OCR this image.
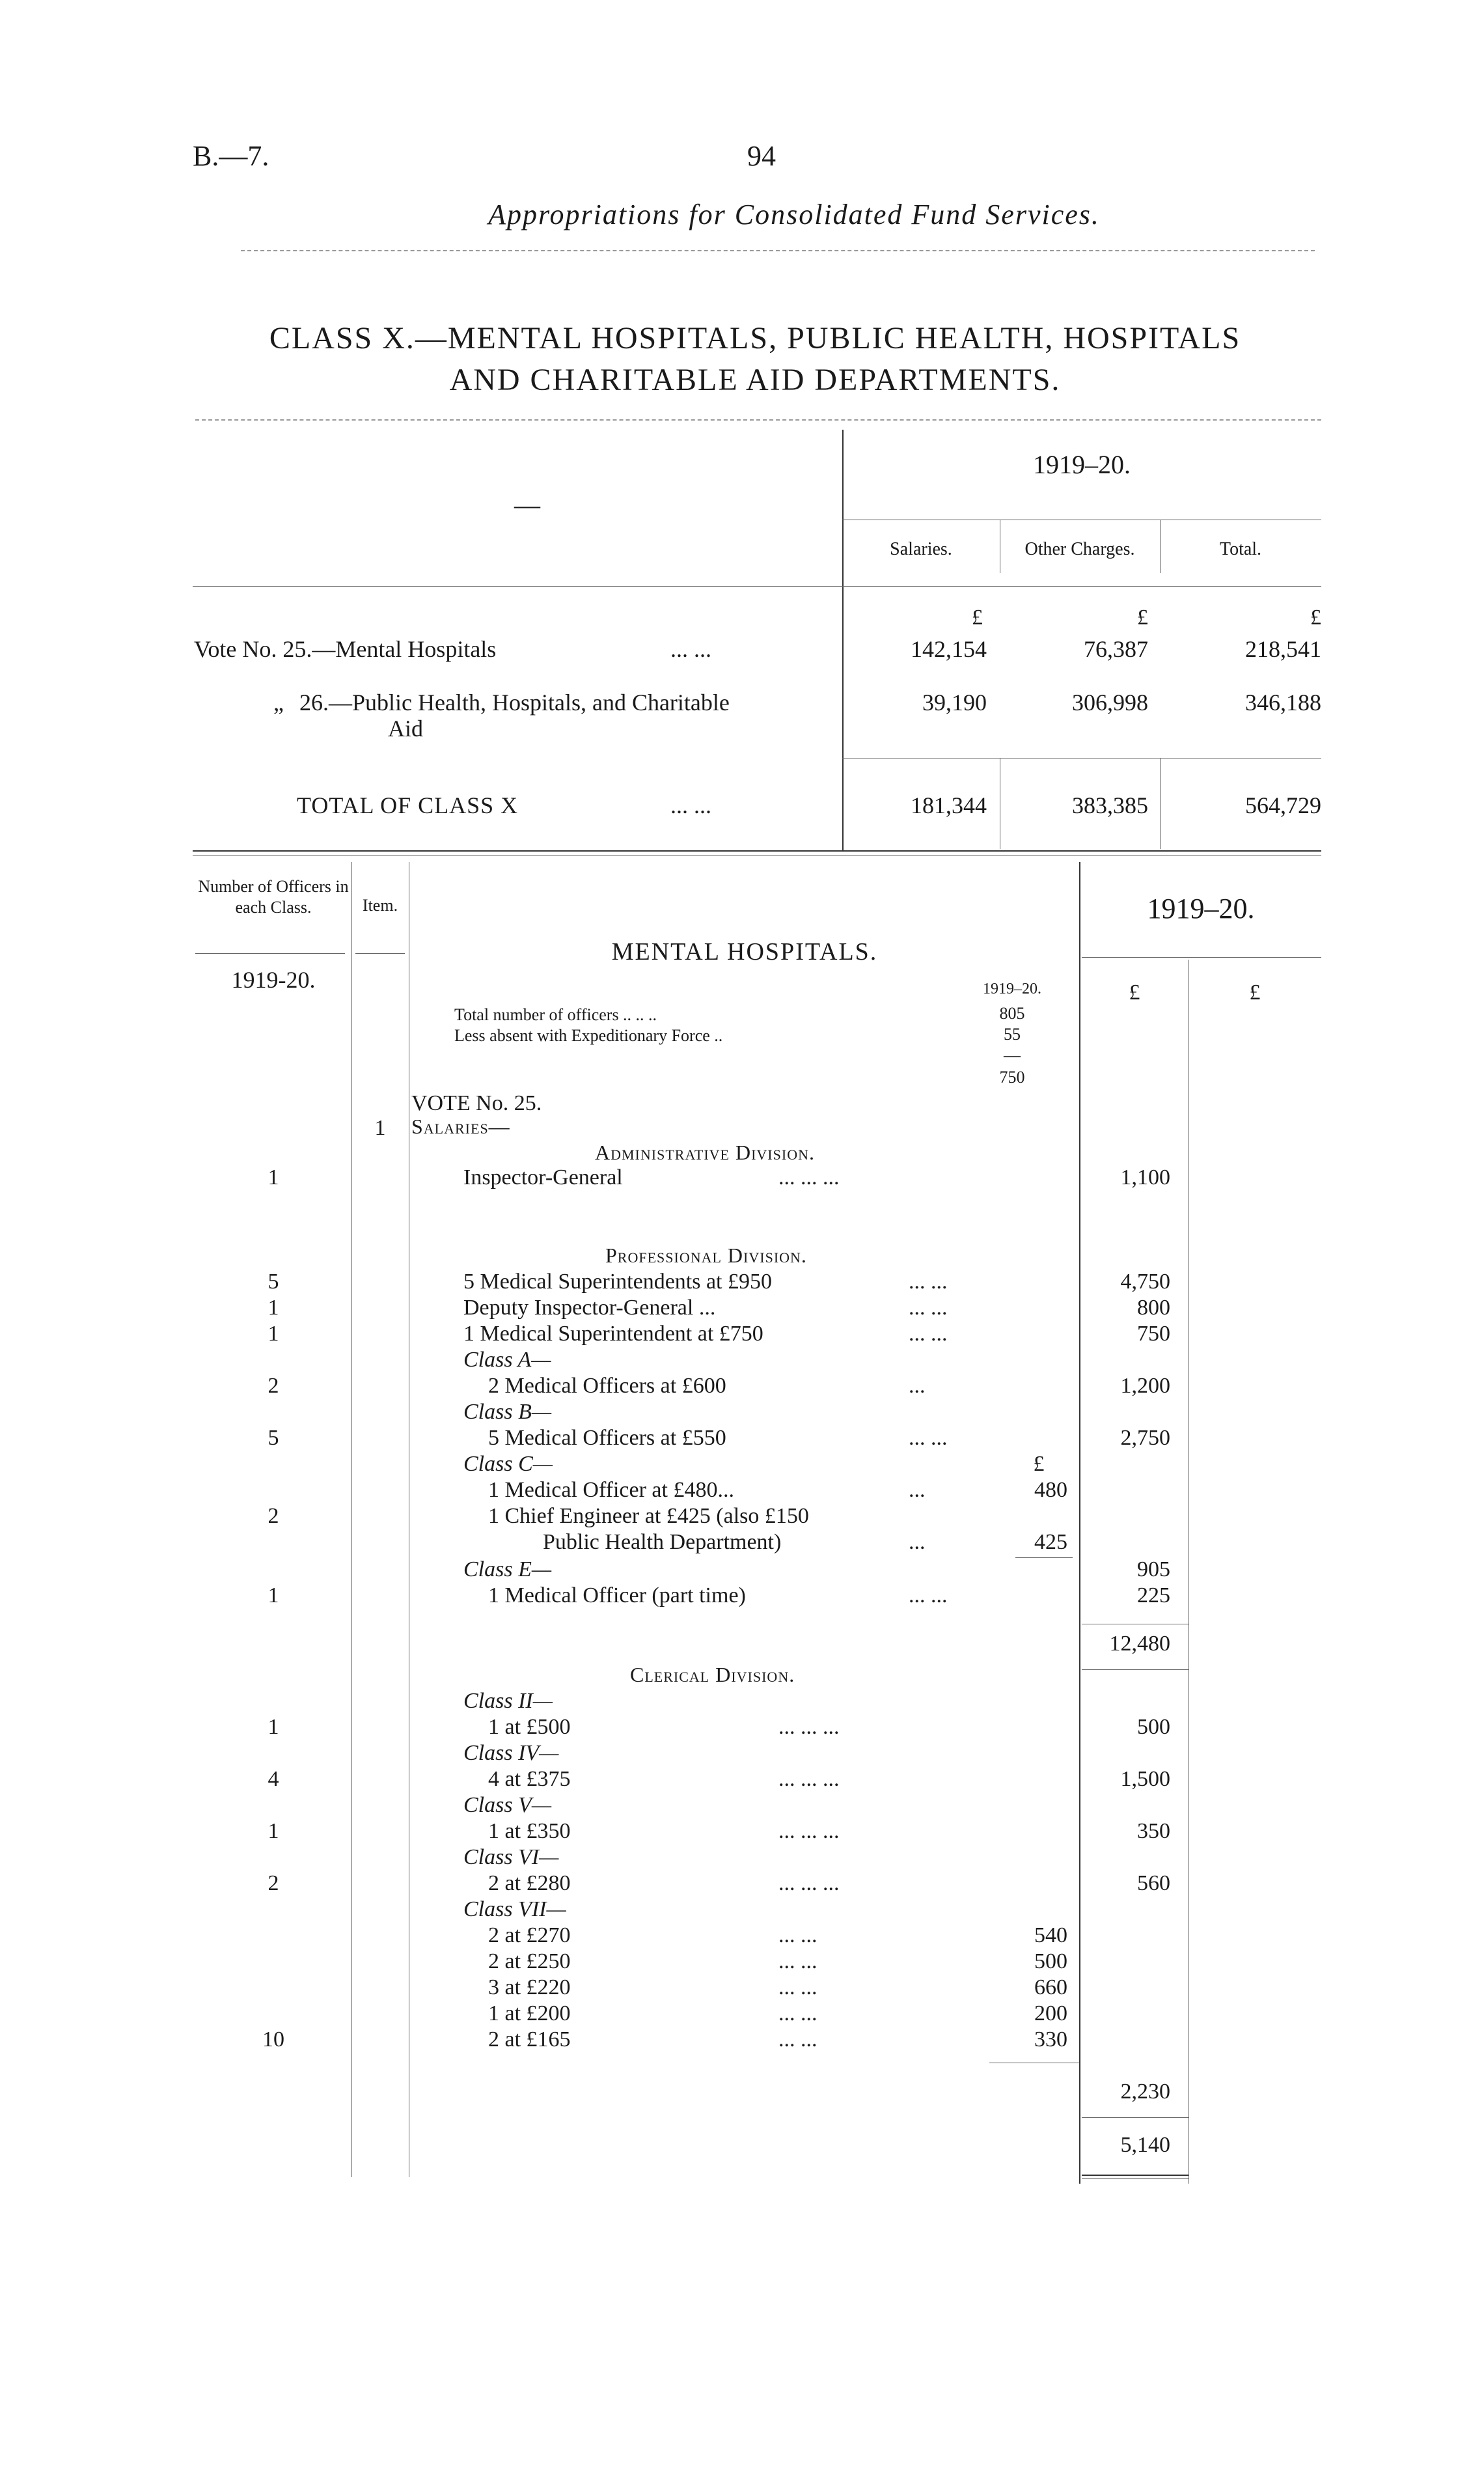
B.—7.	94
Appropriations for Consolidated Fund Services.
CLASS X.—MENTAL HOSPITALS, PUBLIC HEALTH, HOSPITALS
AND CHARITABLE AID DEPARTMENTS.
1919–20.
—
Salaries.	Other Charges.	Total.
£	£	£
Vote No. 25.—Mental Hospitals	... ...	142,154	76,387	218,541
„ 26.—Public Health, Hospitals, and Charitable
Aid
39,190	306,998	346,188
TOTAL OF CLASS X	... ...	181,344	383,385	564,729
Number of Officers in each Class.	Item.	1919–20.
1919-20.	£	£
MENTAL HOSPITALS.
1919–20.
Total number of officers .. .. ..	805
Less absent with Expeditionary Force ..	55
—
750
VOTE No. 25.
1	Salaries—
Administrative Division.
1	Inspector-General	... ... ...	1,100
Professional Division.
5	5 Medical Superintendents at £950	... ...	4,750
1	Deputy Inspector-General ...	... ...	800
1	1 Medical Superintendent at £750	... ...	750
Class A—
2	2 Medical Officers at £600	...	1,200
Class B—
5	5 Medical Officers at £550	... ...	2,750
Class C—	£
1 Medical Officer at £480...	...	480
2	1 Chief Engineer at £425 (also £150
Public Health Department)	...	425
905
Class E—
1	1 Medical Officer (part time)	... ...	225
12,480
Clerical Division.
Class II—
1	1 at £500	... ... ...	500
Class IV—
4	4 at £375	... ... ...	1,500
Class V—
1	1 at £350	... ... ...	350
Class VI—
2	2 at £280	... ... ...	560
Class VII—
2 at £270	... ...	540
2 at £250	... ...	500
3 at £220	... ...	660
1 at £200	... ...	200
10	2 at £165	... ...	330
2,230
5,140
